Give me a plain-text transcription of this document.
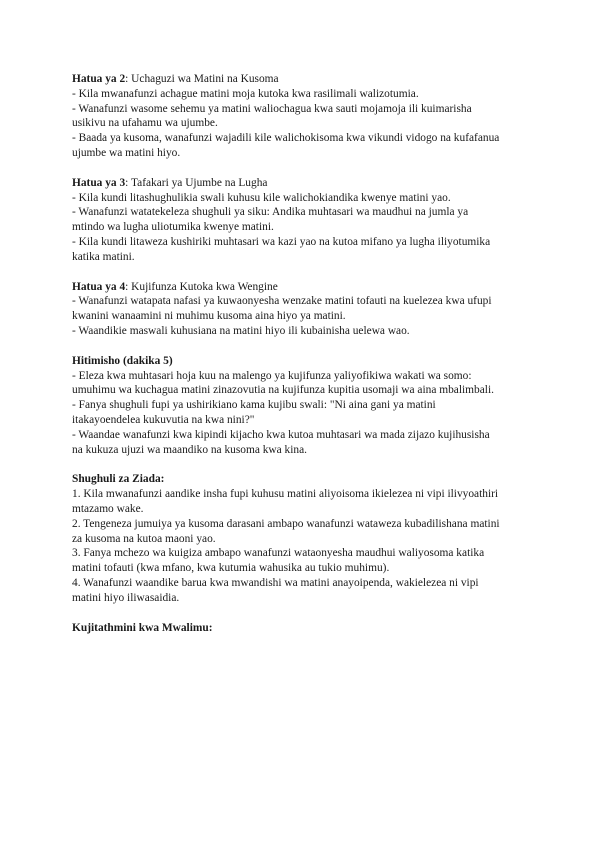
Hatua ya 2: Uchaguzi wa Matini na Kusoma
- Kila mwanafunzi achague matini moja kutoka kwa rasilimali walizotumia.
- Wanafunzi wasome sehemu ya matini waliochagua kwa sauti mojamoja ili kuimarisha
usikivu na ufahamu wa ujumbe.
- Baada ya kusoma, wanafunzi wajadili kile walichokisoma kwa vikundi vidogo na kufafanua
ujumbe wa matini hiyo.
Hatua ya 3: Tafakari ya Ujumbe na Lugha
- Kila kundi litashughulikia swali kuhusu kile walichokiandika kwenye matini yao.
- Wanafunzi watatekeleza shughuli ya siku: Andika muhtasari wa maudhui na jumla ya
mtindo wa lugha uliotumika kwenye matini.
- Kila kundi litaweza kushiriki muhtasari wa kazi yao na kutoa mifano ya lugha iliyotumika
katika matini.
Hatua ya 4: Kujifunza Kutoka kwa Wengine
- Wanafunzi watapata nafasi ya kuwaonyesha wenzake matini tofauti na kuelezea kwa ufupi
kwanini wanaamini ni muhimu kusoma aina hiyo ya matini.
- Waandikie maswali kuhusiana na matini hiyo ili kubainisha uelewa wao.
Hitimisho (dakika 5)
- Eleza kwa muhtasari hoja kuu na malengo ya kujifunza yaliyofikiwa wakati wa somo:
umuhimu wa kuchagua matini zinazovutia na kujifunza kupitia usomaji wa aina mbalimbali.
- Fanya shughuli fupi ya ushirikiano kama kujibu swali: "Ni aina gani ya matini
itakayoendelea kukuvutia na kwa nini?"
- Waandae wanafunzi kwa kipindi kijacho kwa kutoa muhtasari wa mada zijazo kujihusisha
na kukuza ujuzi wa maandiko na kusoma kwa kina.
Shughuli za Ziada:
1. Kila mwanafunzi aandike insha fupi kuhusu matini aliyoisoma ikielezea ni vipi ilivyoathiri
mtazamo wake.
2. Tengeneza jumuiya ya kusoma darasani ambapo wanafunzi wataweza kubadilishana matini
za kusoma na kutoa maoni yao.
3. Fanya mchezo wa kuigiza ambapo wanafunzi wataonyesha maudhui waliyosoma katika
matini tofauti (kwa mfano, kwa kutumia wahusika au tukio muhimu).
4. Wanafunzi waandike barua kwa mwandishi wa matini anayoipenda, wakielezea ni vipi
matini hiyo iliwasaidia.
Kujitathmini kwa Mwalimu:
